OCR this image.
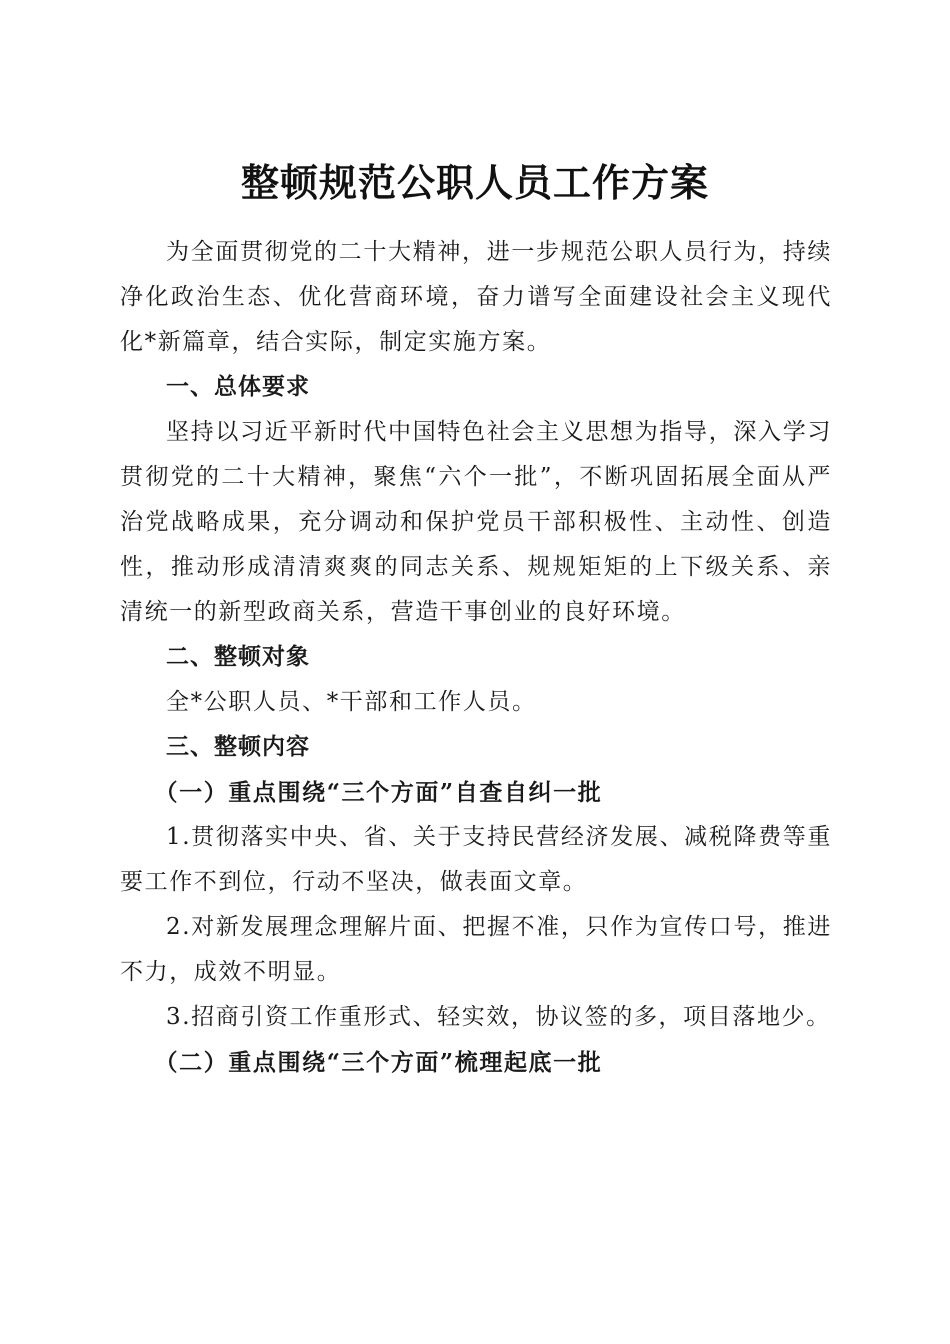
整顿规范公职人员工作方案

为全面贯彻党的二十大精神，进一步规范公职人员行为，持续净化政治生态、优化营商环境，奋力谱写全面建设社会主义现代化*新篇章，结合实际，制定实施方案。

一、总体要求

坚持以习近平新时代中国特色社会主义思想为指导，深入学习贯彻党的二十大精神，聚焦“六个一批”，不断巩固拓展全面从严治党战略成果，充分调动和保护党员干部积极性、主动性、创造性，推动形成清清爽爽的同志关系、规规矩矩的上下级关系、亲清统一的新型政商关系，营造干事创业的良好环境。

二、整顿对象

全*公职人员、*干部和工作人员。

三、整顿内容

（一）重点围绕“三个方面”自查自纠一批

1.贯彻落实中央、省、关于支持民营经济发展、减税降费等重要工作不到位，行动不坚决，做表面文章。

2.对新发展理念理解片面、把握不准，只作为宣传口号，推进不力，成效不明显。

3.招商引资工作重形式、轻实效，协议签的多，项目落地少。

（二）重点围绕“三个方面”梳理起底一批
